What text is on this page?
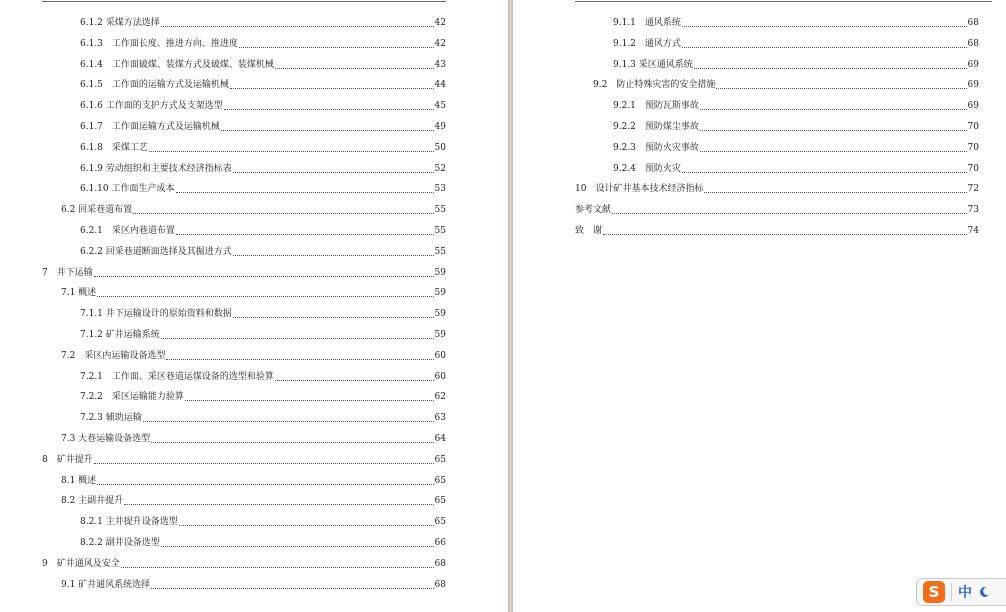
6.1.2 采煤方法选择	42
6.1.3　工作面长度、推进方向、推进度	42
6.1.4　工作面破煤、装煤方式及破煤、装煤机械	43
6.1.5　工作面的运输方式及运输机械	44
6.1.6 工作面的支护方式及支架选型	45
6.1.7　工作面运输方式及运输机械	49
6.1.8　采煤工艺	50
6.1.9 劳动组织和主要技术经济指标表	52
6.1.10 工作面生产成本	53
6.2 回采巷道布置	55
6.2.1　采区内巷道布置	55
6.2.2 回采巷道断面选择及其掘进方式	55
7　井下运输	59
7.1 概述	59
7.1.1 井下运输设计的原始资料和数据	59
7.1.2 矿井运输系统	59
7.2　采区内运输设备选型	60
7.2.1　工作面、采区巷道运煤设备的选型和验算	60
7.2.2　采区运输能力验算	62
7.2.3 辅助运输	63
7.3 大巷运输设备选型	64
8　矿井提升	65
8.1 概述	65
8.2 主副井提升	65
8.2.1 主井提升设备选型	65
8.2.2 副井设备选型	66
9　矿井通风及安全	68
9.1 矿井通风系统选择	68
9.1.1　通风系统	68
9.1.2　通风方式	68
9.1.3 采区通风系统	69
9.2　防止特殊灾害的安全措施	69
9.2.1　预防瓦斯事故	69
9.2.2　预防煤尘事故	70
9.2.3　预防火灾事故	70
9.2.4　预防火灾	70
10　设计矿井基本技术经济指标	72
参考文献	73
致　谢	74
S	中
